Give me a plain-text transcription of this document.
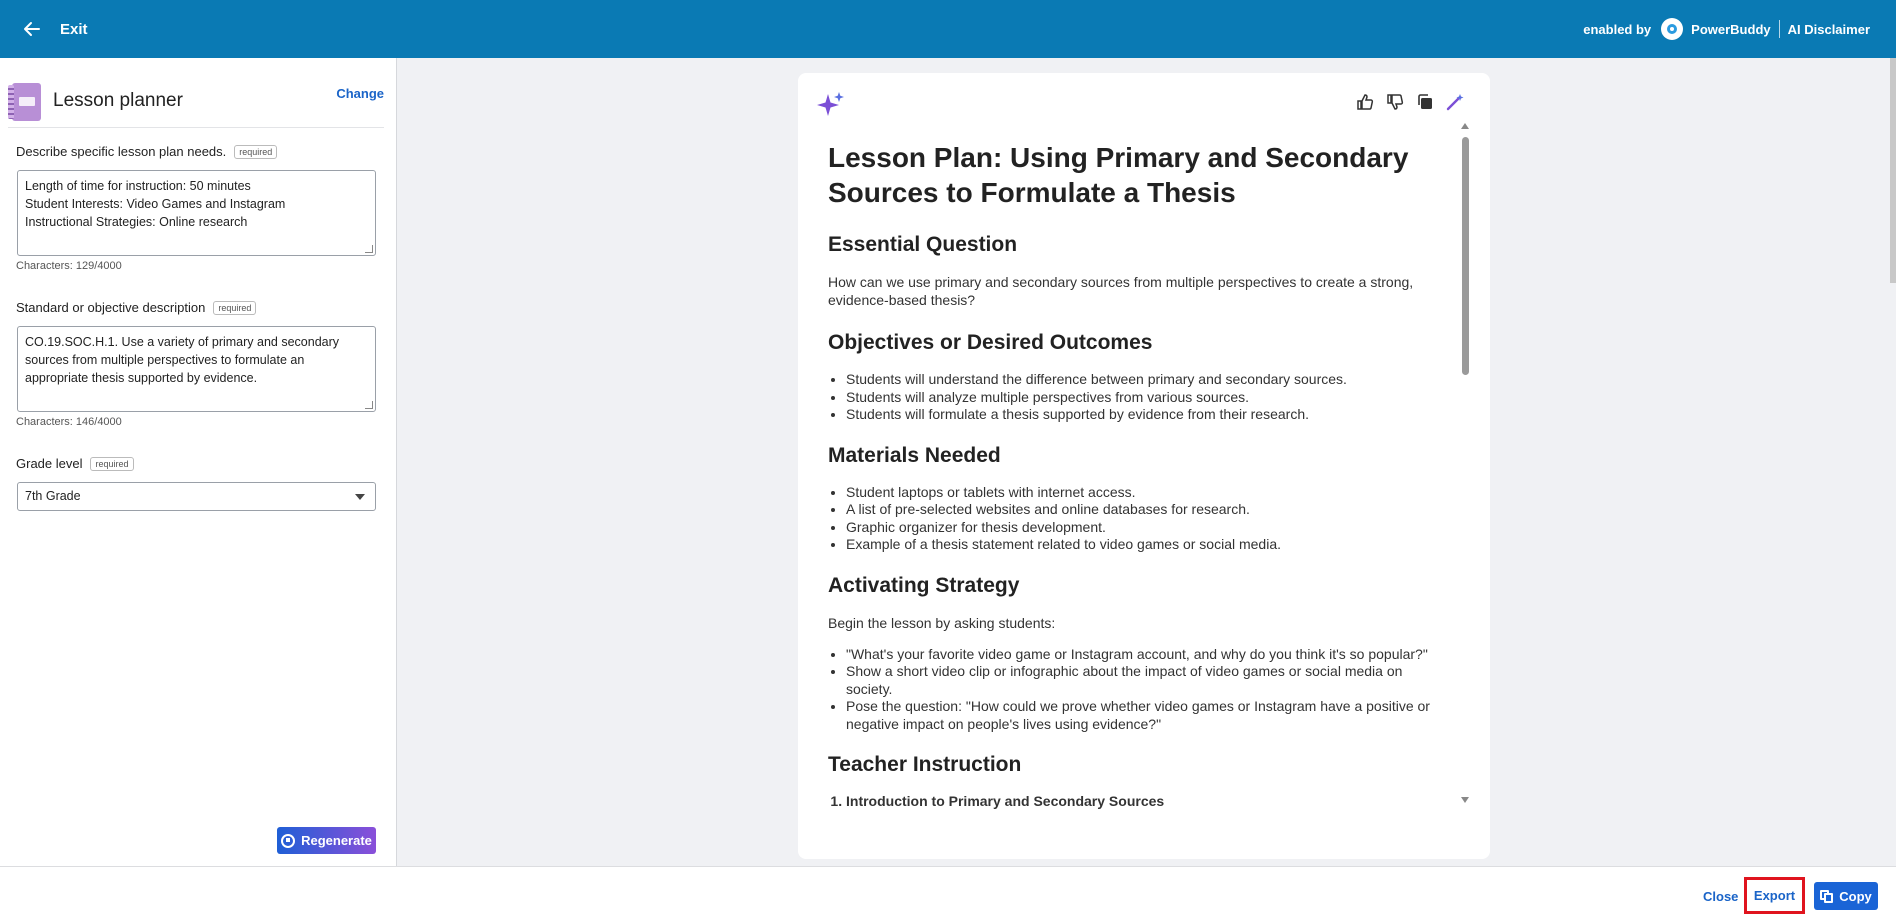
Exit	enabled by	PowerBuddy AI Disclaimer
Lesson planner	Change
Describe specific lesson plan needs.	required
Length of time for instruction: 50 minutes
Student Interests: Video Games and Instagram
Instructional Strategies: Online research
Characters: 129/4000
Standard or objective description	required
CO.19.SOC.H.1. Use a variety of primary and secondary sources from multiple perspectives to formulate an appropriate thesis supported by evidence.
Characters: 146/4000
Grade level	required
7th Grade
Regenerate
Lesson Plan: Using Primary and Secondary Sources to Formulate a Thesis
Essential Question

How can we use primary and secondary sources from multiple perspectives to create a strong, evidence-based thesis?

Objectives or Desired Outcomes
• Students will understand the difference between primary and secondary sources.
• Students will analyze multiple perspectives from various sources.
• Students will formulate a thesis supported by evidence from their research.
Materials Needed
• Student laptops or tablets with internet access.
• A list of pre-selected websites and online databases for research.
• Graphic organizer for thesis development.
• Example of a thesis statement related to video games or social media.
Activating Strategy

Begin the lesson by asking students:

• "What's your favorite video game or Instagram account, and why do you think it's so popular?"
• Show a short video clip or infographic about the impact of video games or social media on society.
• Pose the question: "How could we prove whether video games or Instagram have a positive or negative impact on people's lives using evidence?"
Teacher Instruction
1. Introduction to Primary and Secondary Sources
Close Export	Copy
